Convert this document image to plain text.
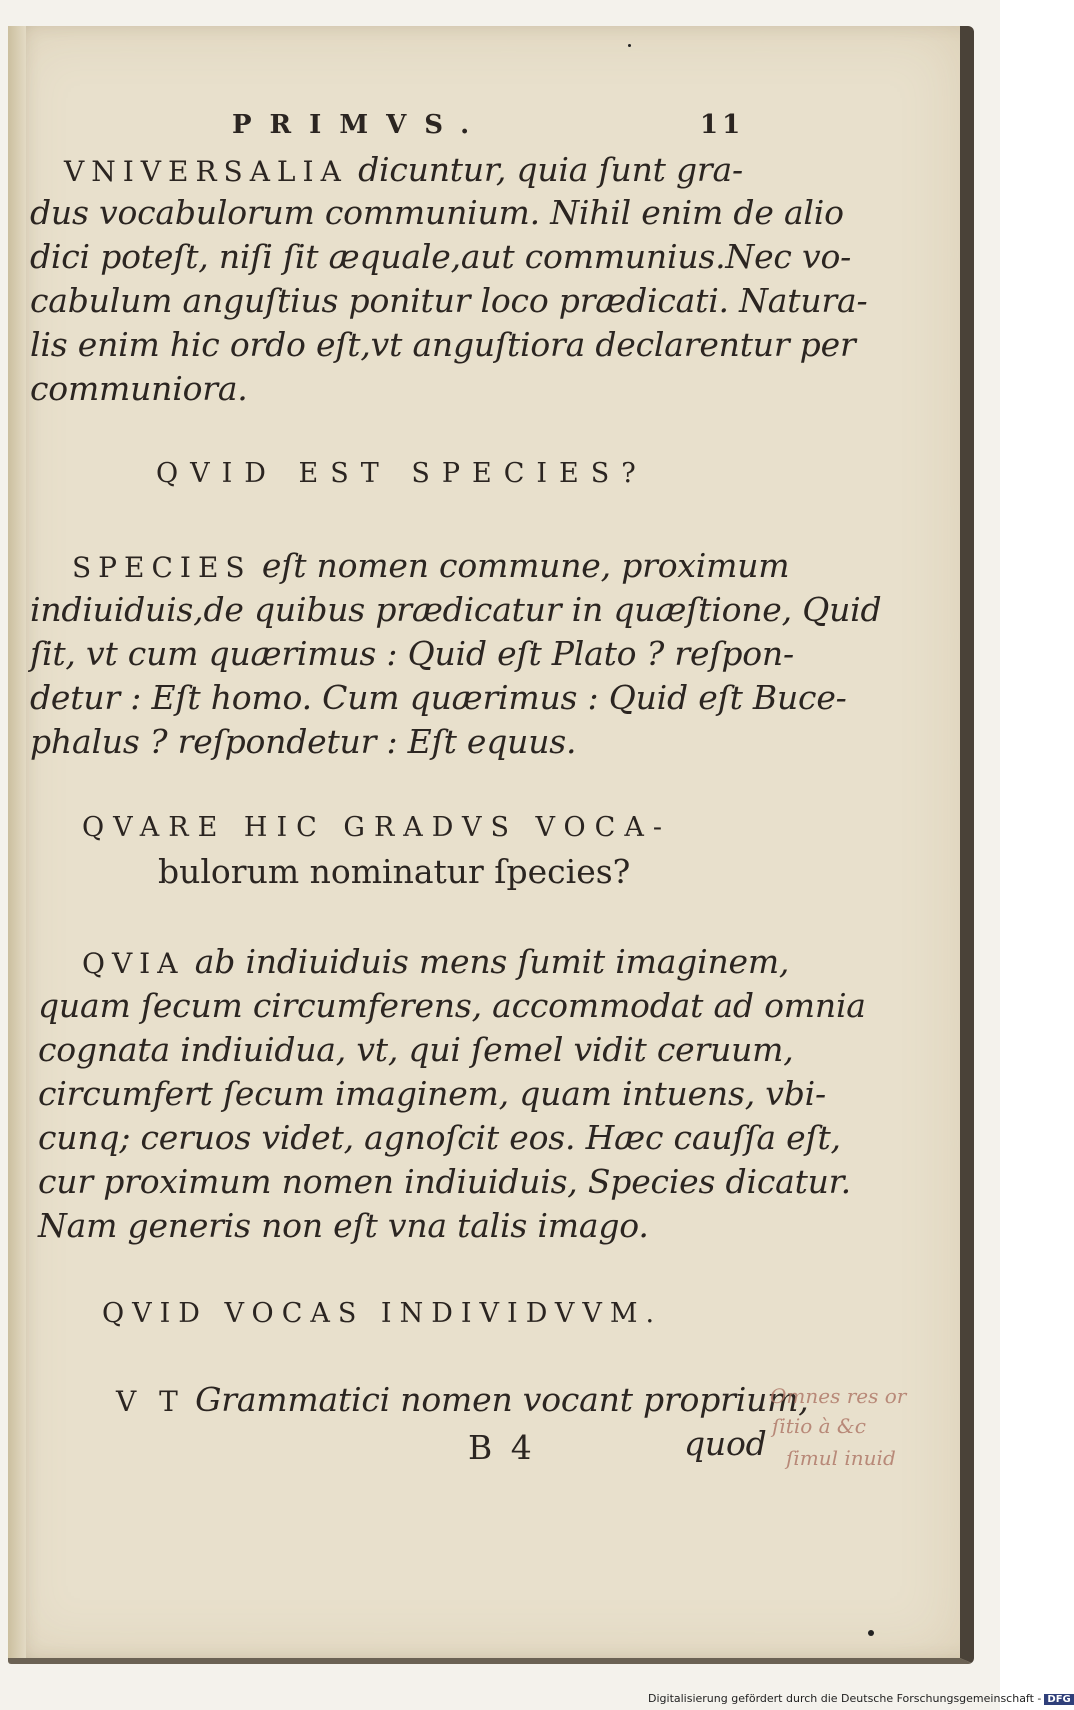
PRIMVS.	11
VNIVERSALIA dicuntur, quia ſunt gra-
dus vocabulorum communium. Nihil enim de alio
dici poteſt, niſi ſit æquale,aut communius.Nec vo-
cabulum anguſtius ponitur loco prædicati. Natura-
lis enim hic ordo eſt,vt anguſtiora declarentur per
communiora.
QVID EST SPECIES?
SPECIES eſt nomen commune, proximum
indiuiduis,de quibus prædicatur in quæſtione, Quid
ſit, vt cum quærimus : Quid eſt Plato ? reſpon-
detur : Eſt homo. Cum quærimus : Quid eſt Buce-
phalus ? reſpondetur : Eſt equus.
QVARE HIC GRADVS VOCA-
bulorum nominatur ſpecies?
QVIA ab indiuiduis mens ſumit imaginem,
quam ſecum circumferens, accommodat ad omnia
cognata indiuidua, vt, qui ſemel vidit ceruum,
circumfert ſecum imaginem, quam intuens, vbi-
cunq; ceruos videt, agnoſcit eos. Hæc cauſſa eſt,
cur proximum nomen indiuiduis, Species dicatur.
Nam generis non eſt vna talis imago.
QVID VOCAS INDIVIDVVM.
V T Grammatici nomen vocant proprium,
B 4	quod
Omnes res or
ſitio à &c
ſimul inuid
Digitalisierung gefördert durch die Deutsche Forschungsgemeinschaft - DFG
